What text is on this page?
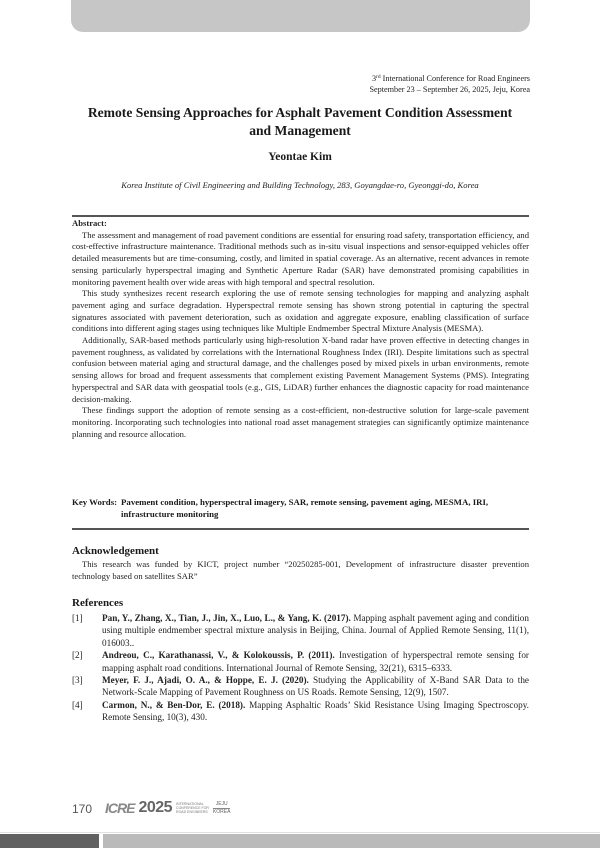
3rd International Conference for Road Engineers
September 23 – September 26, 2025, Jeju, Korea
Remote Sensing Approaches for Asphalt Pavement Condition Assessment
and Management
Yeontae Kim
Korea Institute of Civil Engineering and Building Technology, 283, Goyangdae-ro, Gyeonggi-do, Korea
Abstract:

The assessment and management of road pavement conditions are essential for ensuring road safety, transportation efficiency, and cost-effective infrastructure maintenance. Traditional methods such as in-situ visual inspections and sensor-equipped vehicles offer detailed measurements but are time-consuming, costly, and limited in spatial coverage. As an alternative, recent advances in remote sensing particularly hyperspectral imaging and Synthetic Aperture Radar (SAR) have demonstrated promising capabilities in monitoring pavement health over wide areas with high temporal and spectral resolution.

This study synthesizes recent research exploring the use of remote sensing technologies for mapping and analyzing asphalt pavement aging and surface degradation. Hyperspectral remote sensing has shown strong potential in capturing the spectral signatures associated with pavement deterioration, such as oxidation and aggregate exposure, enabling classification of surface conditions into different aging stages using techniques like Multiple Endmember Spectral Mixture Analysis (MESMA).

Additionally, SAR-based methods particularly using high-resolution X-band radar have proven effective in detecting changes in pavement roughness, as validated by correlations with the International Roughness Index (IRI). Despite limitations such as spectral confusion between material aging and structural damage, and the challenges posed by mixed pixels in urban environments, remote sensing allows for broad and frequent assessments that complement existing Pavement Management Systems (PMS). Integrating hyperspectral and SAR data with geospatial tools (e.g., GIS, LiDAR) further enhances the diagnostic capacity for road maintenance decision-making.

These findings support the adoption of remote sensing as a cost-efficient, non-destructive solution for large-scale pavement monitoring. Incorporating such technologies into national road asset management strategies can significantly optimize maintenance planning and resource allocation.

Key Words: Pavement condition, hyperspectral imagery, SAR, remote sensing, pavement aging, MESMA, IRI, infrastructure monitoring
Acknowledgement
This research was funded by KICT, project number “20250285-001, Development of infrastructure disaster prevention technology based on satellites SAR”
References
[1]	Pan, Y., Zhang, X., Tian, J., Jin, X., Luo, L., & Yang, K. (2017). Mapping asphalt pavement aging and condition using multiple endmember spectral mixture analysis in Beijing, China. Journal of Applied Remote Sensing, 11(1), 016003..
[2]	Andreou, C., Karathanassi, V., & Kolokoussis, P. (2011). Investigation of hyperspectral remote sensing for mapping asphalt road conditions. International Journal of Remote Sensing, 32(21), 6315–6333.
[3]	Meyer, F. J., Ajadi, O. A., & Hoppe, E. J. (2020). Studying the Applicability of X-Band SAR Data to the Network-Scale Mapping of Pavement Roughness on US Roads. Remote Sensing, 12(9), 1507.
[4]	Carmon, N., & Ben-Dor, E. (2018). Mapping Asphaltic Roads’ Skid Resistance Using Imaging Spectroscopy. Remote Sensing, 10(3), 430.
170 ICRE 2025 INTERNATIONAL
CONFERENCE FOR
ROAD ENGINEERS
JEJU
KOREA
